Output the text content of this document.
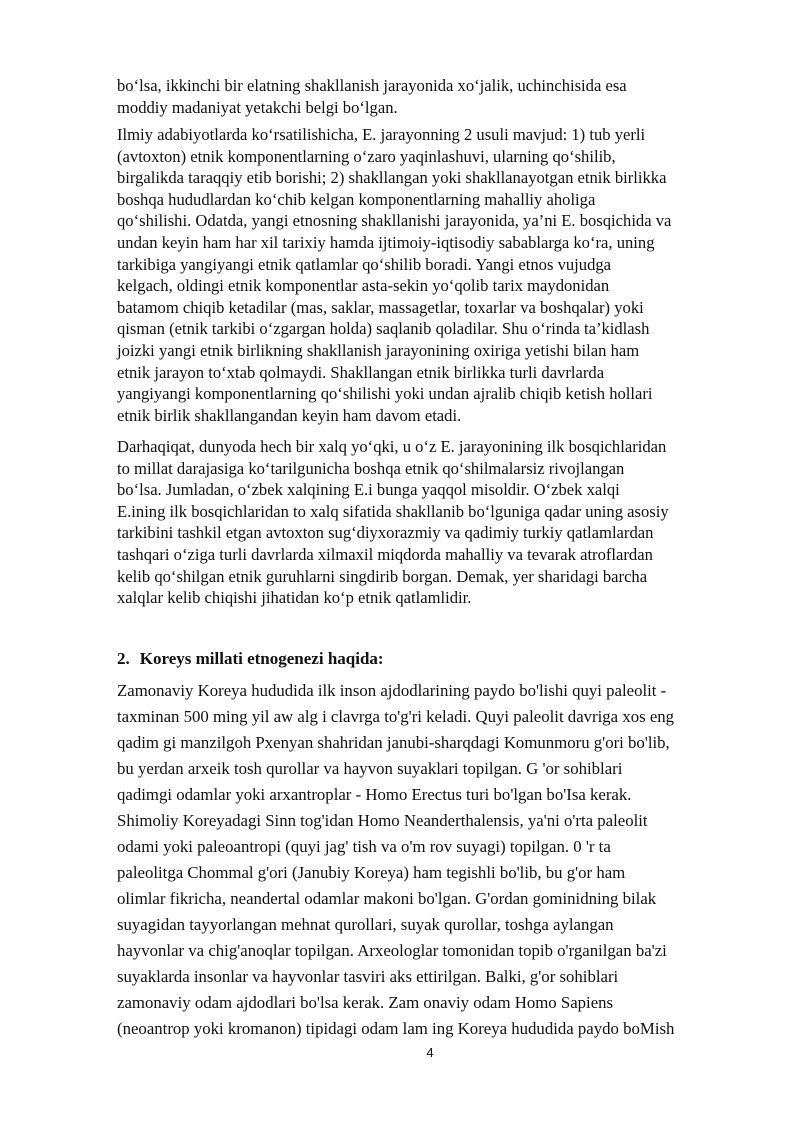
bo‘lsa, ikkinchi bir elatning shakllanish jarayonida xo‘jalik, uchinchisida esa
moddiy madaniyat yetakchi belgi bo‘lgan.
Ilmiy adabiyotlarda ko‘rsatilishicha, E. jarayonning 2 usuli mavjud: 1) tub yerli
(avtoxton) etnik komponentlarning o‘zaro yaqinlashuvi, ularning qo‘shilib,
birgalikda taraqqiy etib borishi; 2) shakllangan yoki shakllanayotgan etnik birlikka
boshqa hududlardan ko‘chib kelgan komponentlarning mahalliy aholiga
qo‘shilishi. Odatda, yangi etnosning shakllanishi jarayonida, ya’ni E. bosqichida va
undan keyin ham har xil tarixiy hamda ijtimoiy-iqtisodiy sabablarga ko‘ra, uning
tarkibiga yangiyangi etnik qatlamlar qo‘shilib boradi. Yangi etnos vujudga
kelgach, oldingi etnik komponentlar asta-sekin yo‘qolib tarix maydonidan
batamom chiqib ketadilar (mas, saklar, massagetlar, toxarlar va boshqalar) yoki
qisman (etnik tarkibi o‘zgargan holda) saqlanib qoladilar. Shu o‘rinda ta’kidlash
joizki yangi etnik birlikning shakllanish jarayonining oxiriga yetishi bilan ham
etnik jarayon to‘xtab qolmaydi. Shakllangan etnik birlikka turli davrlarda
yangiyangi komponentlarning qo‘shilishi yoki undan ajralib chiqib ketish hollari
etnik birlik shakllangandan keyin ham davom etadi.
Darhaqiqat, dunyoda hech bir xalq yo‘qki, u o‘z E. jarayonining ilk bosqichlaridan
to millat darajasiga ko‘tarilgunicha boshqa etnik qo‘shilmalarsiz rivojlangan
bo‘lsa. Jumladan, o‘zbek xalqining E.i bunga yaqqol misoldir. O‘zbek xalqi
E.ining ilk bosqichlaridan to xalq sifatida shakllanib bo‘lguniga qadar uning asosiy
tarkibini tashkil etgan avtoxton sug‘diyxorazmiy va qadimiy turkiy qatlamlardan
tashqari o‘ziga turli davrlarda xilmaxil miqdorda mahalliy va tevarak atroflardan
kelib qo‘shilgan etnik guruhlarni singdirib borgan. Demak, yer sharidagi barcha
xalqlar kelib chiqishi jihatidan ko‘p etnik qatlamlidir.
2. Koreys millati etnogenezi haqida:
Zamonaviy Koreya hududida ilk inson ajdodlarining paydo bo'lishi quyi paleolit -
taxminan 500 ming yil aw alg i clavrga to'g'ri keladi. Quyi paleolit davriga xos eng
qadim gi manzilgoh Pxenyan shahridan janubi-sharqdagi Komunmoru g'ori bo'lib,
bu yerdan arxeik tosh qurollar va hayvon suyaklari topilgan. G 'or sohiblari
qadimgi odamlar yoki arxantroplar - Homo Erectus turi bo'lgan bo'Isa kerak.
Shimoliy Koreyadagi Sinn tog'idan Homo Neanderthalensis, ya'ni o'rta paleolit
odami yoki paleoantropi (quyi jag' tish va o'm rov suyagi) topilgan. 0 'r ta
paleolitga Chommal g'ori (Janubiy Koreya) ham tegishli bo'lib, bu g'or ham
olimlar fikricha, neandertal odamlar makoni bo'lgan. G'ordan gominidning bilak
suyagidan tayyorlangan mehnat qurollari, suyak qurollar, toshga aylangan
hayvonlar va chig'anoqlar topilgan. Arxeologlar tomonidan topib o'rganilgan ba'zi
suyaklarda insonlar va hayvonlar tasviri aks ettirilgan. Balki, g'or sohiblari
zamonaviy odam ajdodlari bo'lsa kerak. Zam onaviy odam Homo Sapiens
(neoantrop yoki kromanon) tipidagi odam lam ing Koreya hududida paydo boMish
4
